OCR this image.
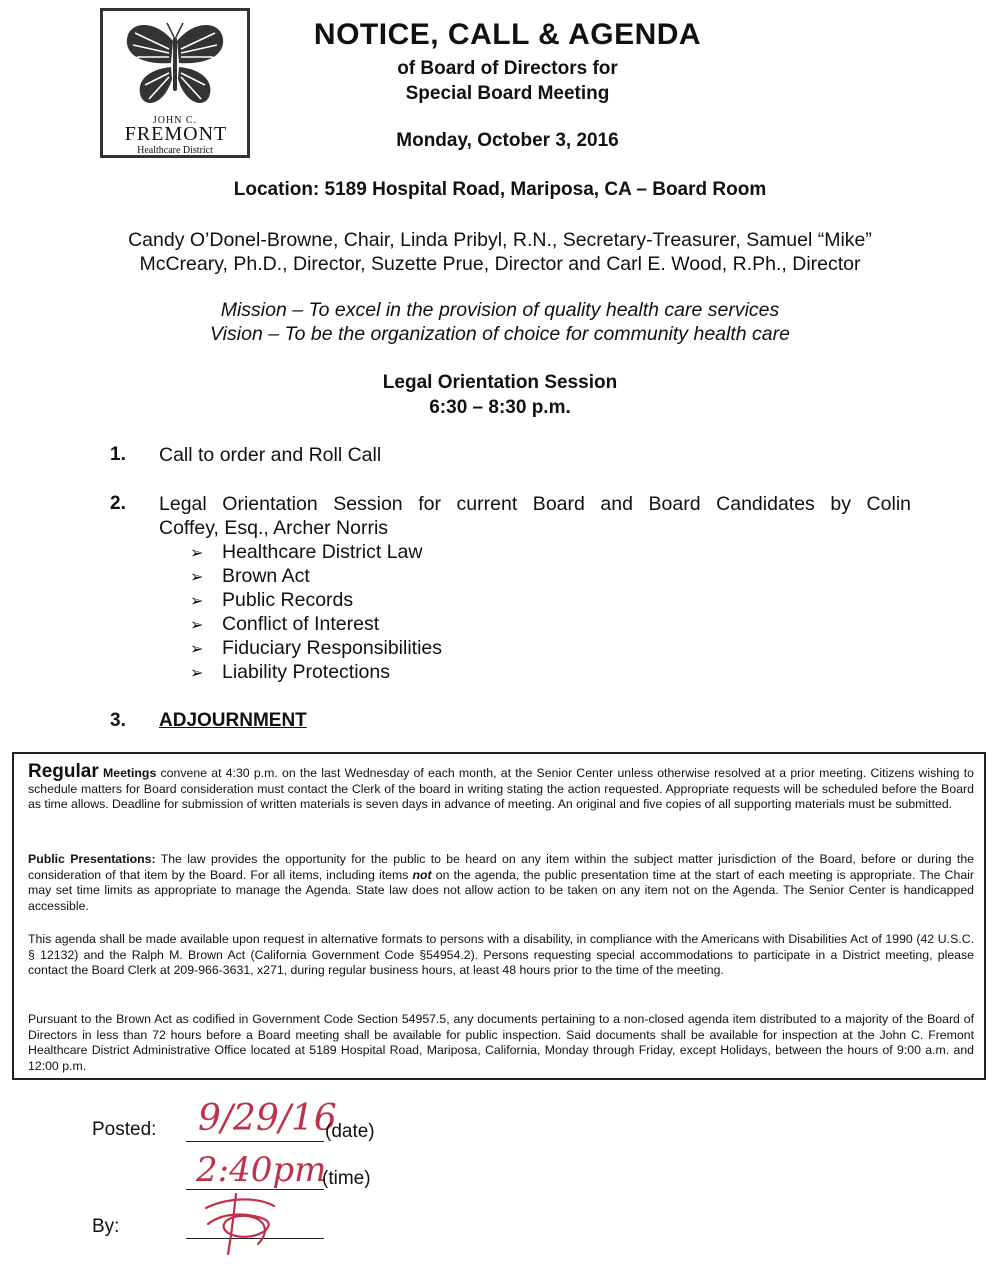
JOHN C.
FREMONT
Healthcare District
NOTICE, CALL & AGENDA
of Board of Directors for
Special Board Meeting
Monday, October 3, 2016
Location: 5189 Hospital Road, Mariposa, CA – Board Room
Candy O’Donel-Browne, Chair, Linda Pribyl, R.N., Secretary-Treasurer, Samuel “Mike”
McCreary, Ph.D., Director, Suzette Prue, Director and Carl E. Wood, R.Ph., Director
Mission – To excel in the provision of quality health care services
Vision – To be the organization of choice for community health care
Legal Orientation Session
6:30 – 8:30 p.m.
1. Call to order and Roll Call
2. Legal Orientation Session for current Board and Board Candidates by Colin
Coffey, Esq., Archer Norris
➢ Healthcare District Law
➢ Brown Act
➢ Public Records
➢ Conflict of Interest
➢ Fiduciary Responsibilities
➢ Liability Protections
3. ADJOURNMENT

Regular Meetings convene at 4:30 p.m. on the last Wednesday of each month, at the Senior Center unless otherwise resolved at a prior meeting. Citizens wishing to schedule matters for Board consideration must contact the Clerk of the board in writing stating the action requested. Appropriate requests will be scheduled before the Board as time allows. Deadline for submission of written materials is seven days in advance of meeting. An original and five copies of all supporting materials must be submitted.

Public Presentations: The law provides the opportunity for the public to be heard on any item within the subject matter jurisdiction of the Board, before or during the consideration of that item by the Board. For all items, including items not on the agenda, the public presentation time at the start of each meeting is appropriate. The Chair may set time limits as appropriate to manage the Agenda. State law does not allow action to be taken on any item not on the Agenda. The Senior Center is handicapped accessible.

This agenda shall be made available upon request in alternative formats to persons with a disability, in compliance with the Americans with Disabilities Act of 1990 (42 U.S.C. § 12132) and the Ralph M. Brown Act (California Government Code §54954.2). Persons requesting special accommodations to participate in a District meeting, please contact the Board Clerk at 209-966-3631, x271, during regular business hours, at least 48 hours prior to the time of the meeting.

Pursuant to the Brown Act as codified in Government Code Section 54957.5, any documents pertaining to a non-closed agenda item distributed to a majority of the Board of Directors in less than 72 hours before a Board meeting shall be available for public inspection. Said documents shall be available for inspection at the John C. Fremont Healthcare District Administrative Office located at 5189 Hospital Road, Mariposa, California, Monday through Friday, except Holidays, between the hours of 9:00 a.m. and 12:00 p.m.

Posted: 9/29/16
(date)
2:40pm
(time)
By:
